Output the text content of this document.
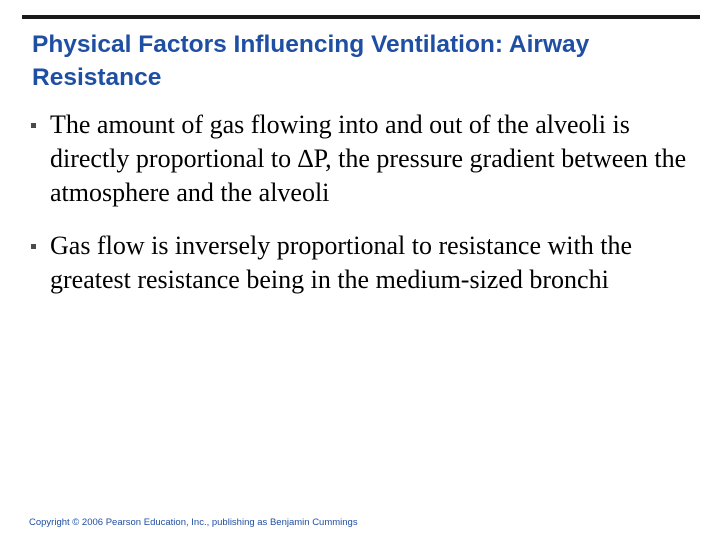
Physical Factors Influencing Ventilation: Airway Resistance
The amount of gas flowing into and out of the alveoli is directly proportional to ∆P, the pressure gradient between the atmosphere and the alveoli
Gas flow is inversely proportional to resistance with the greatest resistance being in the medium-sized bronchi

Copyright © 2006 Pearson Education, Inc., publishing as Benjamin Cummings
